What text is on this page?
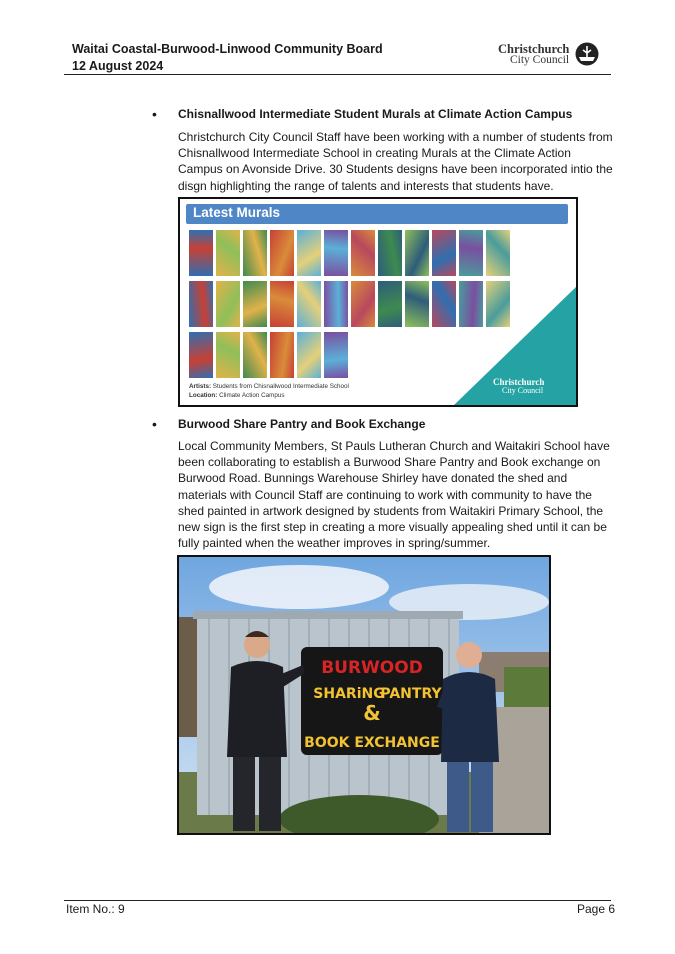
Waitai Coastal-Burwood-Linwood Community Board
12 August 2024
Christchurch
City Council
• Chisnallwood Intermediate Student Murals at Climate Action Campus
Christchurch City Council Staff have been working with a number of students from Chisnallwood Intermediate School in creating Murals at the Climate Action Campus on Avonside Drive. 30 Students designs have been incorporated intio the disgn highlighting the range of talents and interests that students have.
Latest Murals
Artists: Students from Chisnallwood Intermediate School
Location: Climate Action Campus
Christchurch
City Council
• Burwood Share Pantry and Book Exchange
Local Community Members, St Pauls Lutheran Church and Waitakiri School have been collaborating to establish a Burwood Share Pantry and Book exchange on Burwood Road. Bunnings Warehouse Shirley have donated the shed and materials with Council Staff are continuing to work with community to have the shed painted in artwork designed by students from Waitakiri Primary School, the new sign is the first step in creating a more visually appealing shed until it can be fully painted when the weather improves in spring/summer.
BURWOOD
SHARiNG
PANTRY
&
BOOK EXCHANGE
Item No.: 9	Page 6
